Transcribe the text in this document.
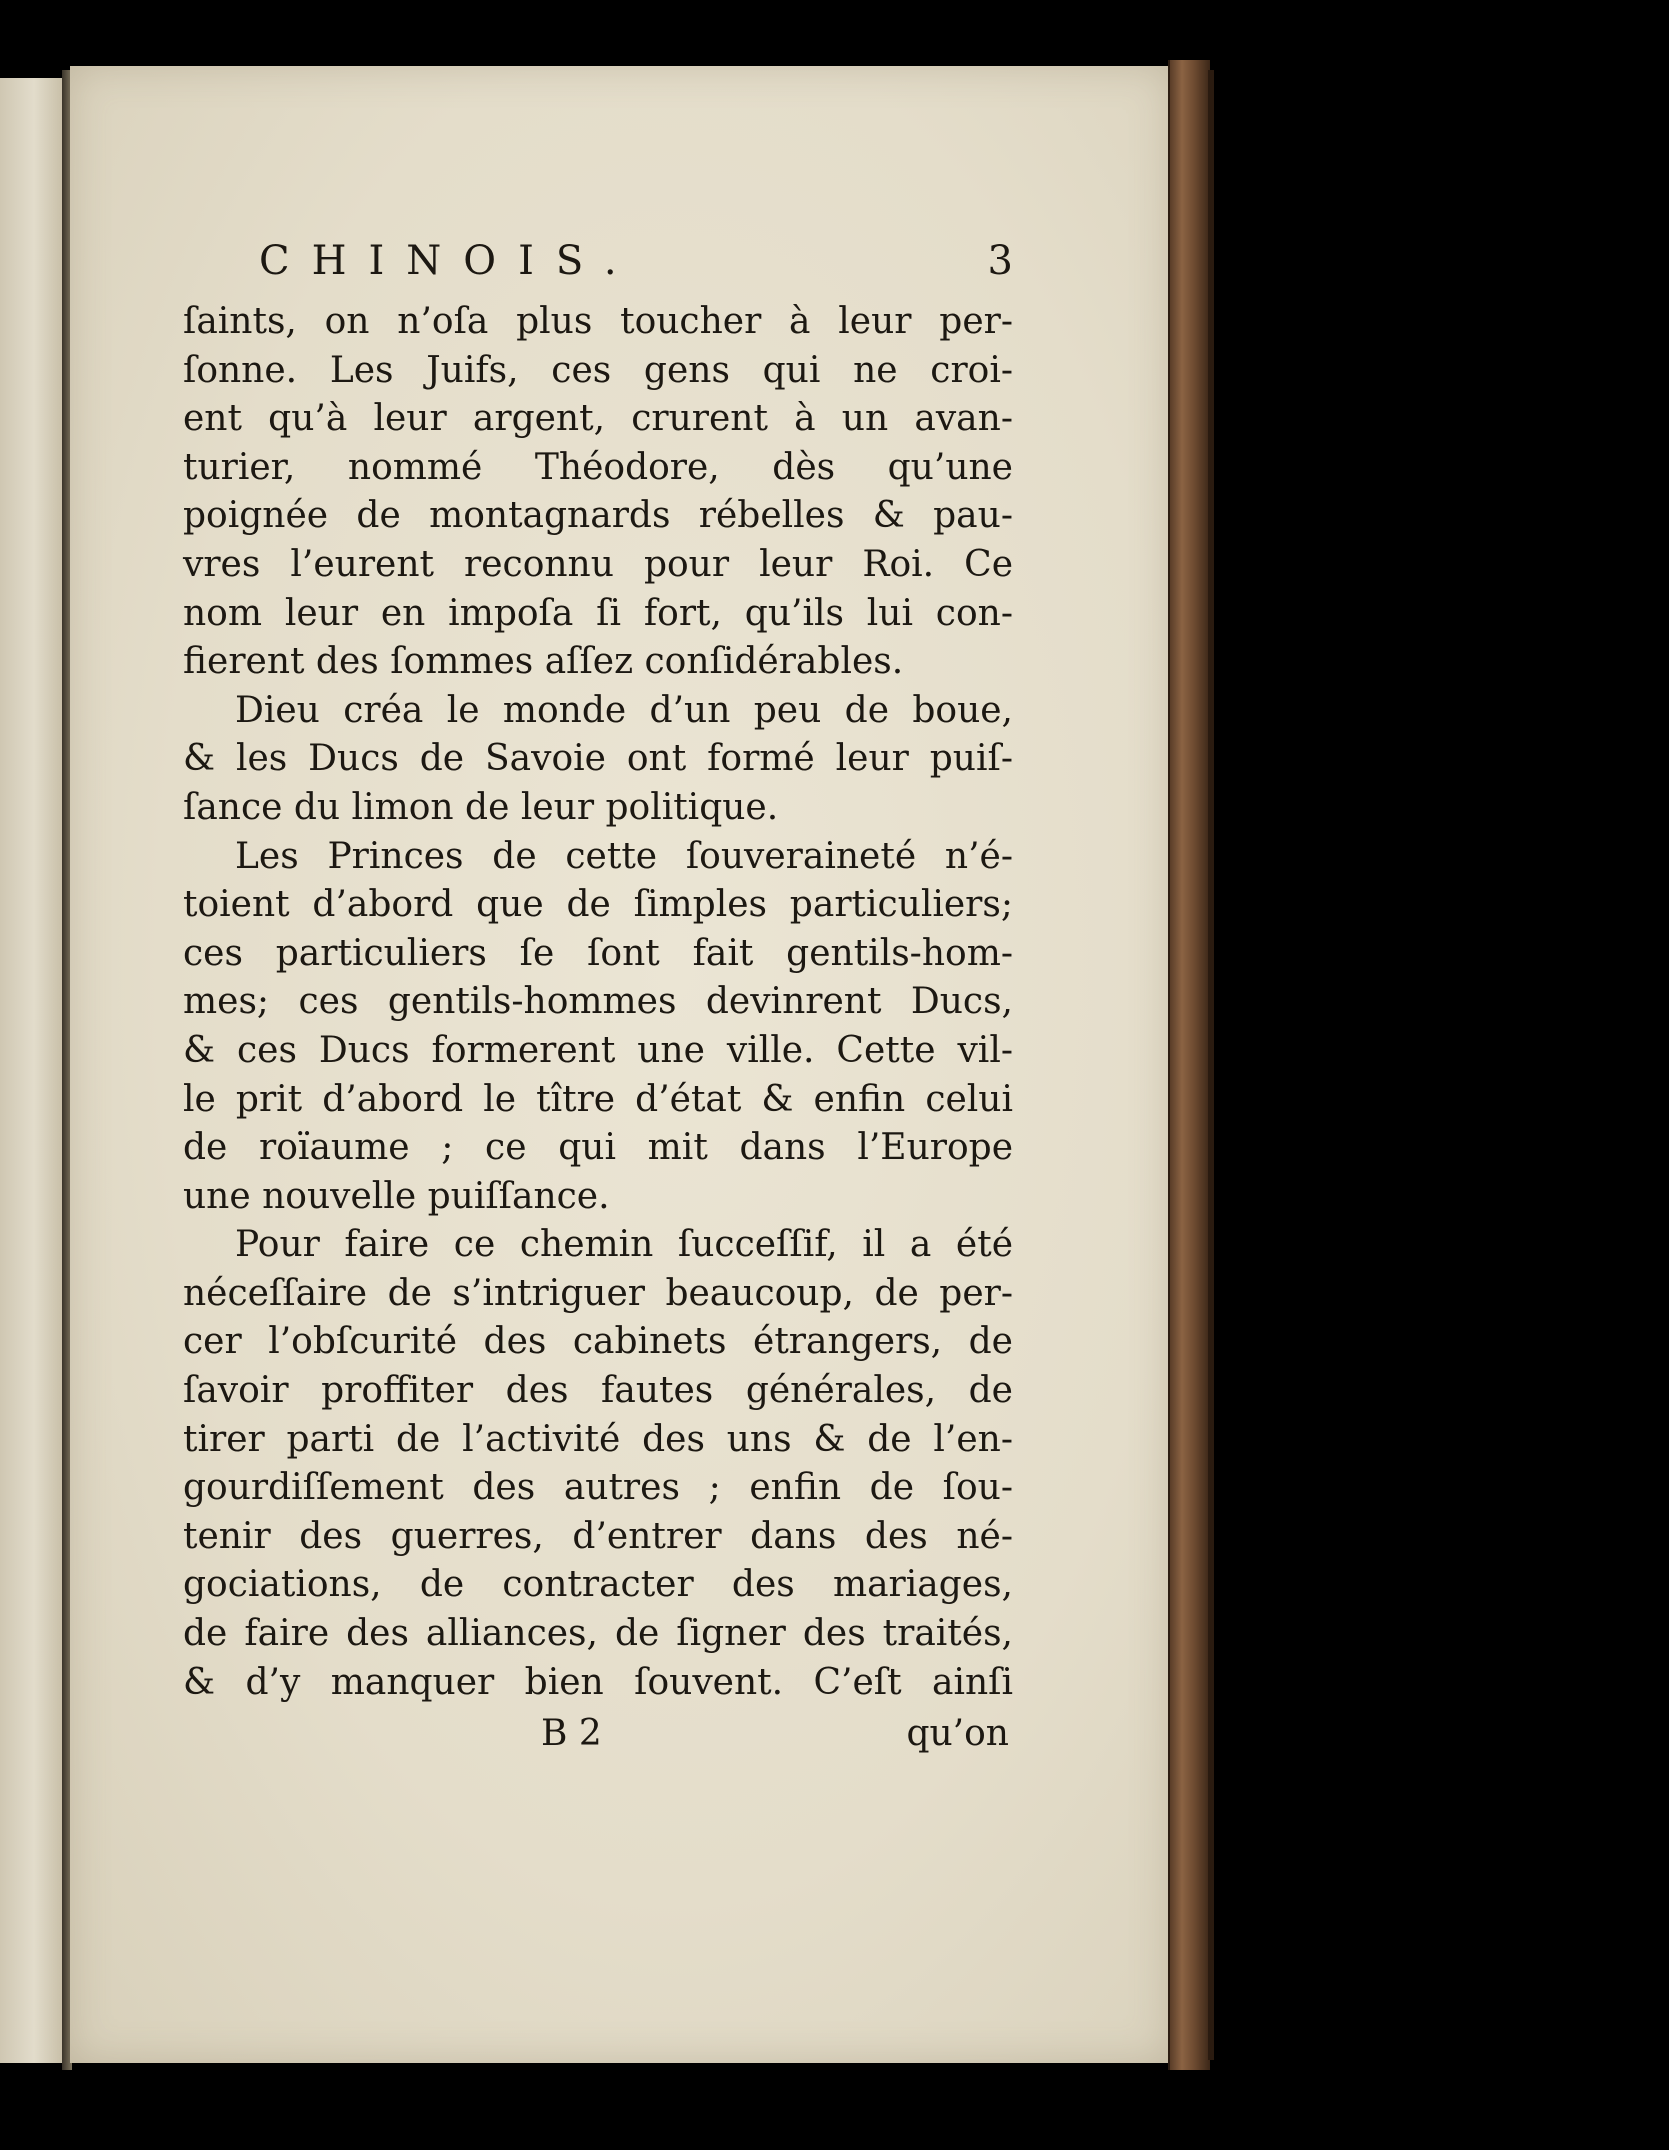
CHINOIS.	3
ſaints, on n’oſa plus toucher à leur per-
ſonne. Les Juifs, ces gens qui ne croi-
ent qu’à leur argent, crurent à un avan-
turier, nommé Théodore, dès qu’une
poignée de montagnards rébelles & pau-
vres l’eurent reconnu pour leur Roi. Ce
nom leur en impoſa ſi fort, qu’ils lui con-
fierent des ſommes aſſez conſidérables.
Dieu créa le monde d’un peu de boue,
& les Ducs de Savoie ont formé leur puiſ-
ſance du limon de leur politique.
Les Princes de cette ſouveraineté n’é-
toient d’abord que de ſimples particuliers;
ces particuliers ſe ſont fait gentils-hom-
mes; ces gentils-hommes devinrent Ducs,
& ces Ducs formerent une ville. Cette vil-
le prit d’abord le tître d’état & enfin celui
de roïaume ; ce qui mit dans l’Europe
une nouvelle puiſſance.
Pour faire ce chemin ſucceſſif, il a été
néceſſaire de s’intriguer beaucoup, de per-
cer l’obſcurité des cabinets étrangers, de
ſavoir proffiter des fautes générales, de
tirer parti de l’activité des uns & de l’en-
gourdiſſement des autres ; enfin de ſou-
tenir des guerres, d’entrer dans des né-
gociations, de contracter des mariages,
de faire des alliances, de ſigner des traités,
& d’y manquer bien ſouvent. C’eſt ainſi
B 2	qu’on
